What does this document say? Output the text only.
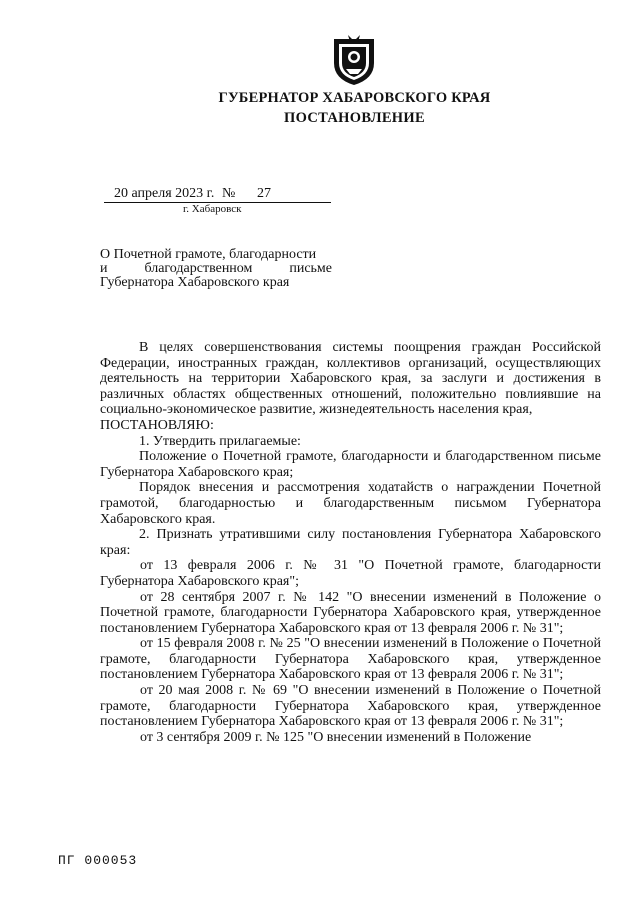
ГУБЕРНАТОР ХАБАРОВСКОГО КРАЯ
ПОСТАНОВЛЕНИЕ
20 апреля 2023 г. № 27
г. Хабаровск
О Почетной грамоте, благодарности
и	благодарственном	письме
Губернатора Хабаровского края

В целях совершенствования системы поощрения граждан Российской Федерации, иностранных граждан, коллективов организаций, осуществляющих деятельность на территории Хабаровского края, за заслуги и достижения в различных областях общественных отношений, положительно повлиявшие на социально-экономическое развитие, жизнедеятельность населения края,

ПОСТАНОВЛЯЮ:

1. Утвердить прилагаемые:

Положение о Почетной грамоте, благодарности и благодарственном письме Губернатора Хабаровского края;

Порядок внесения и рассмотрения ходатайств о награждении Почетной грамотой, благодарностью и благодарственным письмом Губернатора Хабаровского края.

2. Признать утратившими силу постановления Губернатора Хабаровского края:

от 13 февраля 2006 г. № 31 "О Почетной грамоте, благодарности Губернатора Хабаровского края";

от 28 сентября 2007 г. № 142 "О внесении изменений в Положение о Почетной грамоте, благодарности Губернатора Хабаровского края, утвержденное постановлением Губернатора Хабаровского края от 13 февраля 2006 г. № 31";

от 15 февраля 2008 г. № 25 "О внесении изменений в Положение о Почетной грамоте, благодарности Губернатора Хабаровского края, утвержденное постановлением Губернатора Хабаровского края от 13 февраля 2006 г. № 31";

от 20 мая 2008 г. № 69 "О внесении изменений в Положение о Почетной грамоте, благодарности Губернатора Хабаровского края, утвержденное постановлением Губернатора Хабаровского края от 13 февраля 2006 г. № 31";

от 3 сентября 2009 г. № 125 "О внесении изменений в Положение

ПГ 000053
